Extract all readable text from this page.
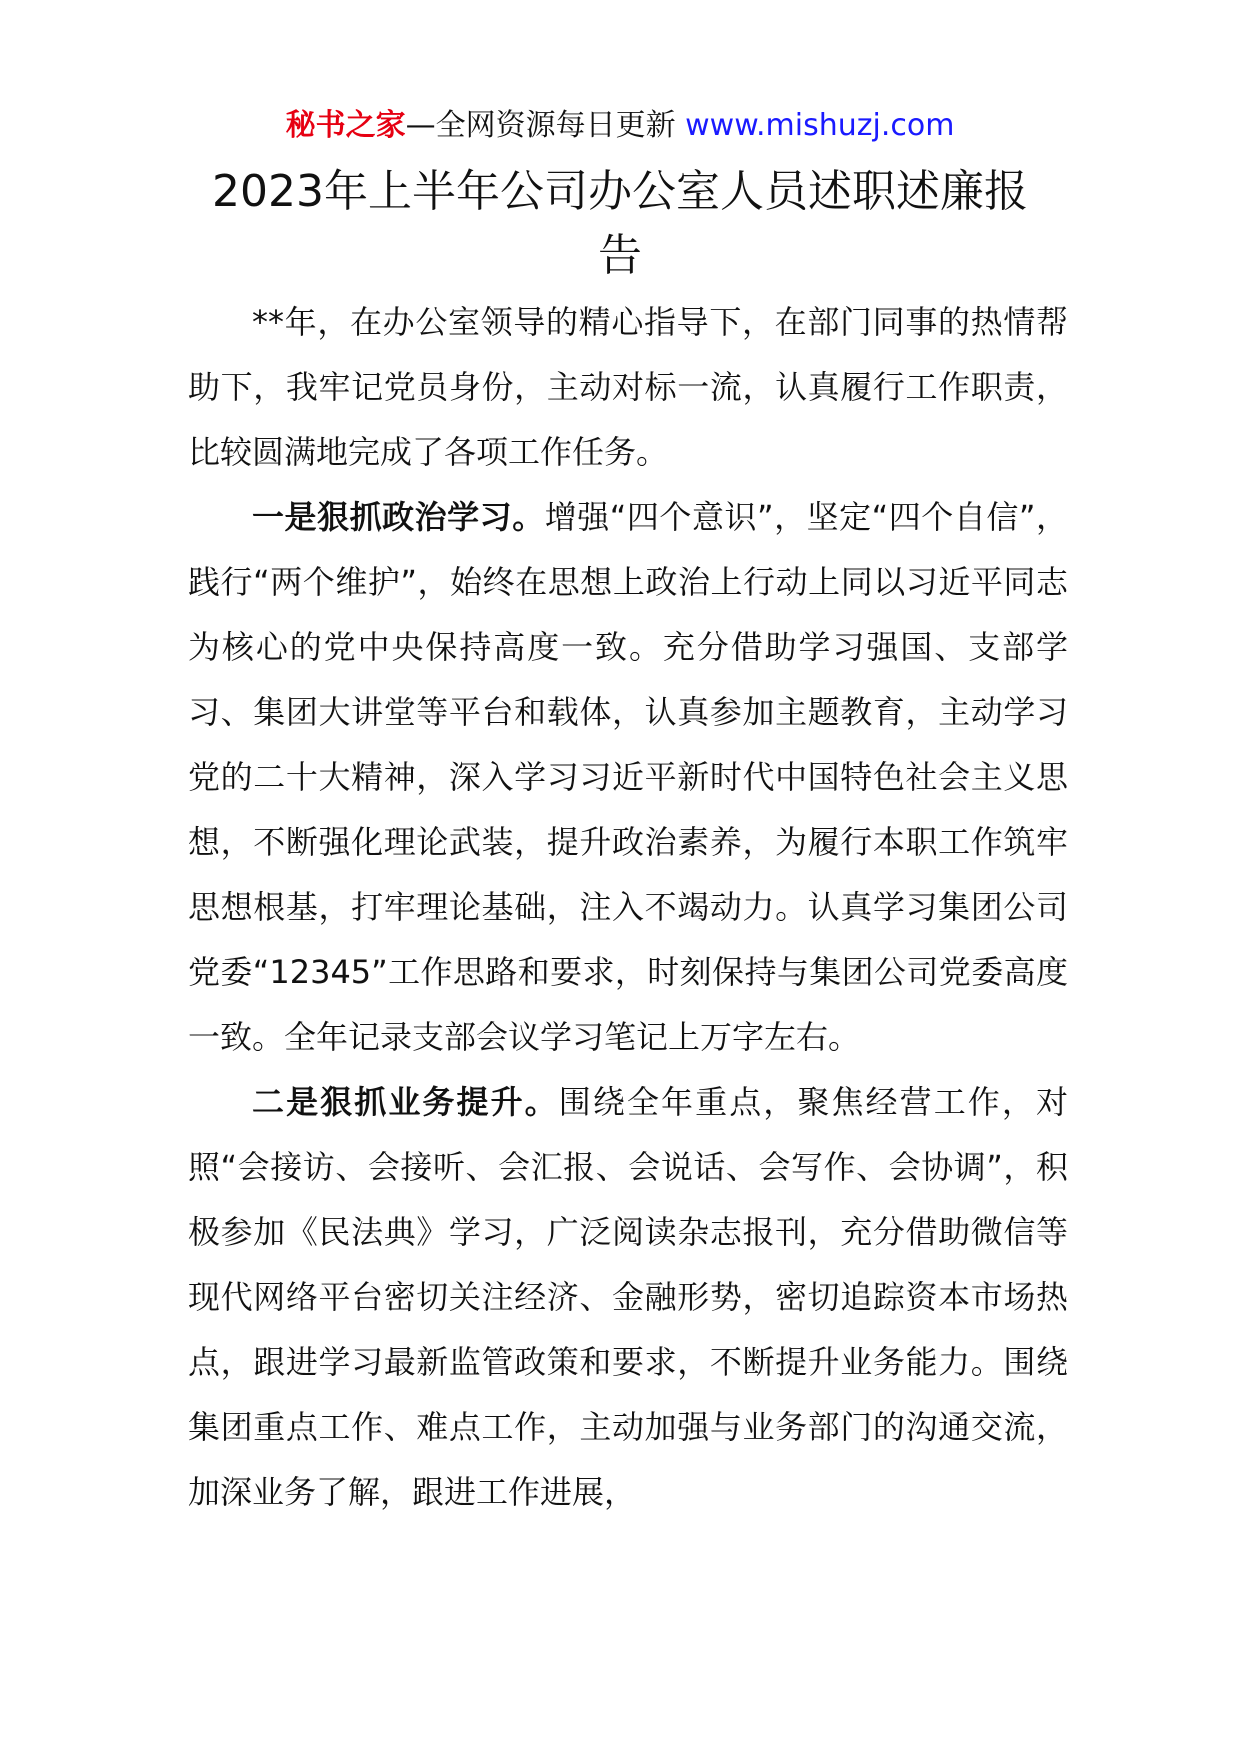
秘书之家—全网资源每日更新 www.mishuzj.com
2023年上半年公司办公室人员述职述廉报告

**年，在办公室领导的精心指导下，在部门同事的热情帮助下，我牢记党员身份，主动对标一流，认真履行工作职责，比较圆满地完成了各项工作任务。

一是狠抓政治学习。增强“四个意识”，坚定“四个自信”，践行“两个维护”，始终在思想上政治上行动上同以习近平同志为核心的党中央保持高度一致。充分借助学习强国、支部学习、集团大讲堂等平台和载体，认真参加主题教育，主动学习党的二十大精神，深入学习习近平新时代中国特色社会主义思想，不断强化理论武装，提升政治素养，为履行本职工作筑牢思想根基，打牢理论基础，注入不竭动力。认真学习集团公司党委“12345”工作思路和要求，时刻保持与集团公司党委高度一致。全年记录支部会议学习笔记上万字左右。

二是狠抓业务提升。围绕全年重点，聚焦经营工作，对照“会接访、会接听、会汇报、会说话、会写作、会协调”，积极参加《民法典》学习，广泛阅读杂志报刊，充分借助微信等现代网络平台密切关注经济、金融形势，密切追踪资本市场热点，跟进学习最新监管政策和要求，不断提升业务能力。围绕集团重点工作、难点工作，主动加强与业务部门的沟通交流，加深业务了解，跟进工作进展，
